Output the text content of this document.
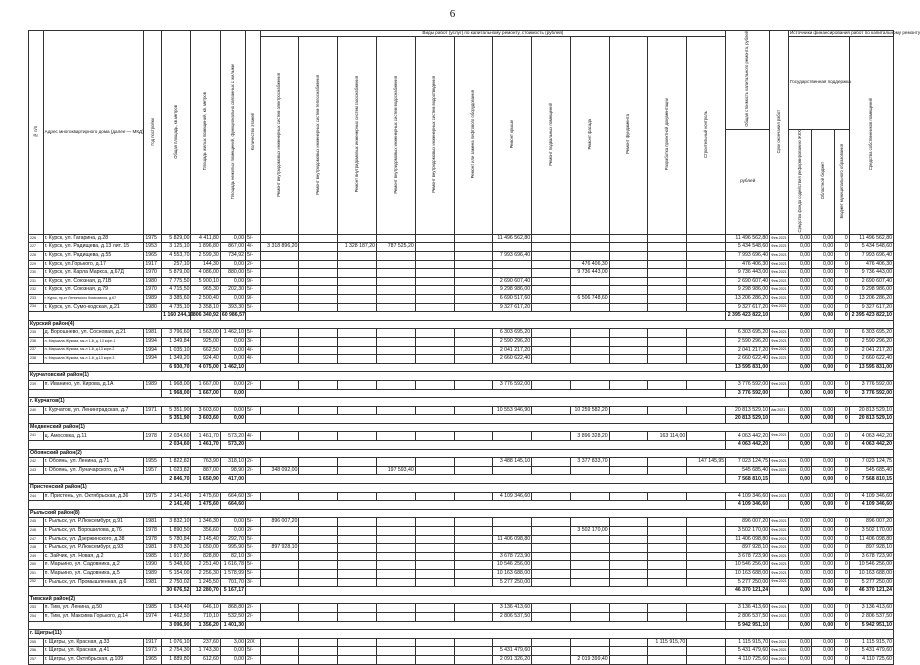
6
№ п/п	Адрес многоквартирного дома (далее — МКД)	Год постройки	Общая площадь, кв.метров	Площадь жилых помещений, кв. метров	Площадь нежилых помещений, функционально связанных с жилыми	Количество этажей	Виды работ (услуг) по капитальному ремонту, стоимость (рублей)												Общая стоимость капитального ремонта, рублей	Срок окончания работ	Источники финансирования работ по капитальному ремонту			
							Ремонт внутридомовых инженерных систем электроснабжения	Ремонт внутридомовых инженерных систем теплоснабжения	Ремонт внутридомовых инженерных систем газоснабжения	Ремонт внутридомовых инженерных систем водоснабжения	Ремонт внутридомовых инженерных систем водоотведения	Ремонт или замена лифтового оборудования	Ремонт крыши	Ремонт подвальных помещений	Ремонт фасада	Ремонт фундамента	Разработка проектной документации	Строительный контроль			Государственная поддержка			Средства собственников помещений
																			рублей		Средства фонда содействия реформированию ЖКХ	Областной бюджет	Бюджет муниципального образования	
226	г. Курск, ул. Гагарина, д.28	1975	5 829,00	4 411,80	0,00	5/-							11 496 562,80						11 496 562,80	Фев.2021	0,00	0,00	0	11 496 562,80
227	г. Курск, ул. Радищева, д.13 лит. 15	1953	3 125,10	1 896,80	867,00	4/-	3 318 896,20		1 328 187,20	787 525,20									5 434 548,60	Фев.2021	0,00	0,00	0	5 434 548,60
228	г. Курск, ул. Радищева, д.55	1965	4 553,70	2 599,30	734,92	5/-							7 993 696,40						7 993 696,40	Фев.2021	0,00	0,00	0	7 993 696,40
229	г. Курск, ул.Горького, д.17	1917	257,10	144,30	0,00	2/-									476 406,30				476 406,30	Фев.2021	0,00	0,00	0	476 406,30
230	г. Курск, ул. Карла Маркса, д.67Д	1970	5 879,00	4 086,00	880,00	5/-									9 736 443,00				9 736 443,00	Фев.2021	0,00	0,00	0	9 736 443,00
231	г. Курск, ул. Союзная, д.71В	1980	7 775,50	5 900,10	0,00	9/-							2 690 607,40						2 690 607,40	Фев.2021	0,00	0,00	0	2 690 607,40
232	г. Курск, ул. Союзная, д.79	1970	4 715,50	965,30	202,30	5/-							9 298 986,00						9 298 986,00	Фев.2021	0,00	0,00	0	9 298 986,00
233	г. Курск, пр-кт Ленинского Комсомола, д.67	1989	3 385,60	2 500,40	0,00	9/-							6 690 517,60		6 506 748,60				13 206 286,20	Фев.2021	0,00	0,00	0	13 206 286,20
234	г. Курск, ул. Сумо-кодская, д.21	1980	4 735,10	3 358,10	393,30	5/-							9 327 617,20						9 327 617,20	Фев.2021	0,00	0,00	0	9 327 617,20
			1 160 244,10	806 340,92	60 986,57														2 395 423 822,10		0,00	0,00	0	2 395 423 822,10
Курский район(4)																								
235	д. Ворошнево, ул. Сосновая, д.21	1981	3 796,60	1 563,00	1 462,10	5/-							6 303 695,20						6 303 695,20	Фев.2021	0,00	0,00	0	6 303 695,20
236	п. Маршала Жукова, мк-л 1-й, д. 13 корп.1	1994	1 349,84	925,00	0,00	3/-							2 590 296,20						2 590 296,20	Фев.2021	0,00	0,00	0	2 590 296,20
237	п. Маршала Жукова, мк-л 1-й, д.13 корп.2	1994	1 035,10	662,50	0,00	4/-							2 041 217,20						2 041 217,20	Фев.2021	0,00	0,00	0	2 041 217,20
238	п. Маршала Жукова, мк-л 1-й, д.13 корп.3	1994	1 349,20	924,40	0,00	4/-							2 660 622,40						2 660 622,40	Фев.2021	0,00	0,00	0	2 660 622,40
			6 930,70	4 075,00	1 462,10														13 595 831,00		0,00	0,00	0	13 595 831,00
Курчатовский район(1)																								
239	п. Иванино, ул. Кирова, д.1А	1989	1 968,00	1 667,00	0,00	2/-							3 776 592,00						3 776 592,00	Фев.2021	0,00	0,00	0	3 776 592,00
			1 968,00	1 667,00	0,00														3 776 592,00		0,00	0,00	0	3 776 592,00
г. Курчатов(1)																								
240	г. Курчатов, ул. Ленинградская, д.7	1971	5 351,90	3 603,60	0,00	5/-							10 553 946,90		10 259 582,20				20 813 529,10	Авг.2021	0,00	0,00	0	20 813 529,10
			5 351,90	3 603,60	0,00														20 813 529,10		0,00	0,00	0	20 813 529,10
Медвенский район(1)																								
241	ц. Амосовка, д.11	1978	2 034,60	1 461,70	573,20	4/-									3 896 328,20		163 114,00		4 063 442,20	Фев.2021	0,00	0,00	0	4 063 442,20
			2 034,60	1 461,70	573,20														4 063 442,20		0,00	0,00	0	4 063 442,20
Обоянский район(2)																								
242	г. Обоянь, ул. Ленина, д.71	1955	1 822,82	763,90	318,10	2/-							3 488 145,10		3 377 833,70			147 145,95	7 023 124,75	Фев.2021	0,00	0,00	0	7 023 124,75
243	г. Обоянь, ул. Луначарского, д.74	1957	1 023,82	887,00	98,90	2/-	348 092,00			197 593,40									545 685,40	Фев.2021	0,00	0,00	0	545 685,40
			2 846,70	1 650,90	417,00														7 568 810,15		0,00	0,00	0	7 568 810,15
Пристенский район(1)																								
244	п. Пристень, ул. Октябрьская, д.36	1975	2 141,40	1 475,60	664,60	3/-							4 109 346,60						4 109 346,60	Фев.2021	0,00	0,00	0	4 109 346,60
			2 141,40	1 475,60	664,60														4 109 346,60		0,00	0,00	0	4 109 346,60
Рыльский район(8)																								
245	г. Рыльск, ул. Р.Люксембург, д.91	1981	3 832,10	1 346,30	0,00	5/-	896 007,20												896 007,20	Фев.2021	0,00	0,00	0	896 007,20
246	г. Рыльск, ул. Ворошилова, д.76	1978	1 890,50	356,60	0,00	2/-									3 502 170,00				3 502 170,00	Фев.2021	0,00	0,00	0	3 502 170,00
247	г. Рыльск, ул. Дзержинского, д.38	1978	5 780,84	2 145,40	292,70	5/-							11 406 098,80						11 406 098,80	Фев.2021	0,00	0,00	0	11 406 098,80
248	г. Рыльск, ул. Р.Люксембург, д.93	1981	3 870,30	1 650,00	995,90	5/-	897 928,10												897 928,10	Фев.2021	0,00	0,00	0	897 928,10
249	с. Зайчик, ул. Новая, д.2	1985	1 917,80	828,80	82,10	3/-							3 678 723,90						3 678 723,90	Фев.2021	0,00	0,00	0	3 678 723,90
250	п. Марьино, ул. Садовника, д.2	1990	5 348,60	2 251,40	1 616,78	5/-							10 546 256,00						10 546 256,00	Фев.2021	0,00	0,00	0	10 546 256,00
251	п. Марьино, ул. Садовника, д.5	1989	5 154,00	2 256,30	1 578,99	5/-							10 163 688,00						10 163 688,00	Фев.2021	0,00	0,00	0	10 163 688,00
252	г. Рыльск, ул. Промышленная, д.6	1981	2 750,02	1 245,50	701,70	3/-							5 277 250,00						5 277 250,00	Фев.2021	0,00	0,00	0	5 277 250,00
			30 676,52	12 280,70	5 167,17														46 370 121,24		0,00	0,00	0	46 370 121,24
Тимский район(2)																								
253	п. Тим, ул. Ленина, д.50	1985	1 634,40	646,10	868,80	2/-							3 136 413,60						3 136 413,60	Фев.2021	0,00	0,00	0	3 136 413,60
254	п. Тим, ул. Максима Горького, д.14	1974	1 462,50	710,10	532,50	2/-							2 806 537,50						2 806 537,50	Фев.2021	0,00	0,00	0	2 806 537,50
			3 096,90	1 356,20	1 401,30														5 942 951,10		0,00	0,00	0	5 942 951,10
г. Щигры(11)																								
255	г. Щигры, ул. Красная, д.33	1917	1 076,10	237,60	3,00	2/Х											1 115 915,70		1 115 915,70	Фев.2021	0,00	0,00	0	1 115 915,70
256	г. Щигры, ул. Красная, д.41	1973	2 754,30	1 743,30	0,00	5/-							5 431 479,60						5 431 479,60	Фев.2021	0,00	0,00	0	5 431 479,60
257	г. Щигры, ул. Октябрьская, д.109	1965	1 889,80	612,60	0,00	2/-							2 091 326,20		2 019 399,40				4 110 725,60	Фев.2021	0,00	0,00	0	4 110 725,60
